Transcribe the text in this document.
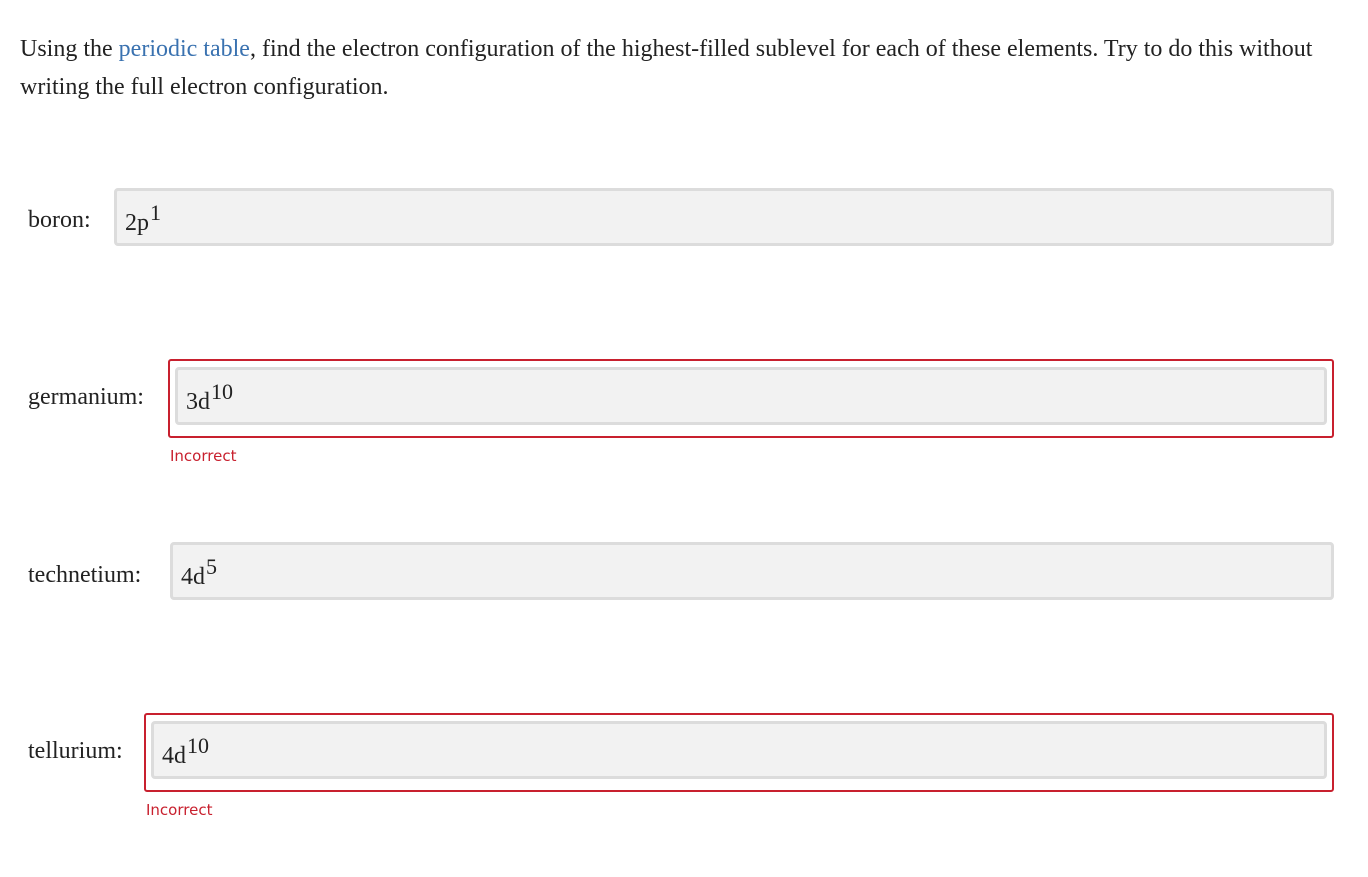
Using the periodic table, find the electron configuration of the highest-filled sublevel for each of these elements. Try to do this without writing the full electron configuration.

boron: $2p^1$
germanium: $3d^{10}$
Incorrect
technetium: $4d^5$
tellurium: $4d^{10}$
Incorrect
